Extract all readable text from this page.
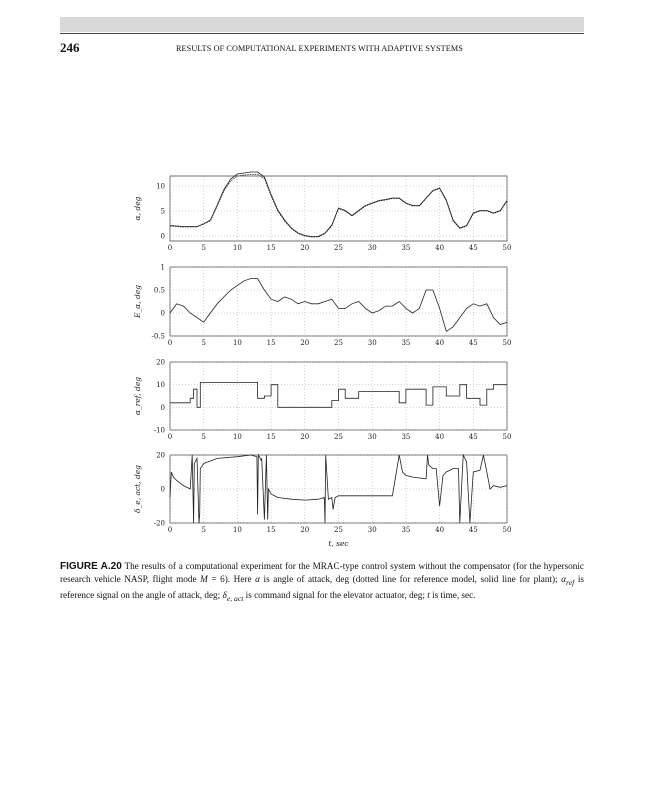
246	RESULTS OF COMPUTATIONAL EXPERIMENTS WITH ADAPTIVE SYSTEMS
0	5	10	15	20	25	30	35	40	45	50
0
5
10
α, deg
0	5	10	15	20	25	30	35	40	45	50
-0.5
0
0.5
1
E_α, deg
0	5	10	15	20	25	30	35	40	45	50
-10
0
10
20
α_ref, deg
0	5	10	15	20	25	30	35	40	45	50
-20
0
20
δ_e, act, deg
t, sec
FIGURE A.20 The results of a computational experiment for the MRAC-type control system without the compensator (for the hypersonic research vehicle NASP, flight mode M = 6). Here α is angle of attack, deg (dotted line for reference model, solid line for plant); $\alpha_{ref}$ is reference signal on the angle of attack, deg; $\delta_{e, act}$ is command signal for the elevator actuator, deg; t is time, sec.
